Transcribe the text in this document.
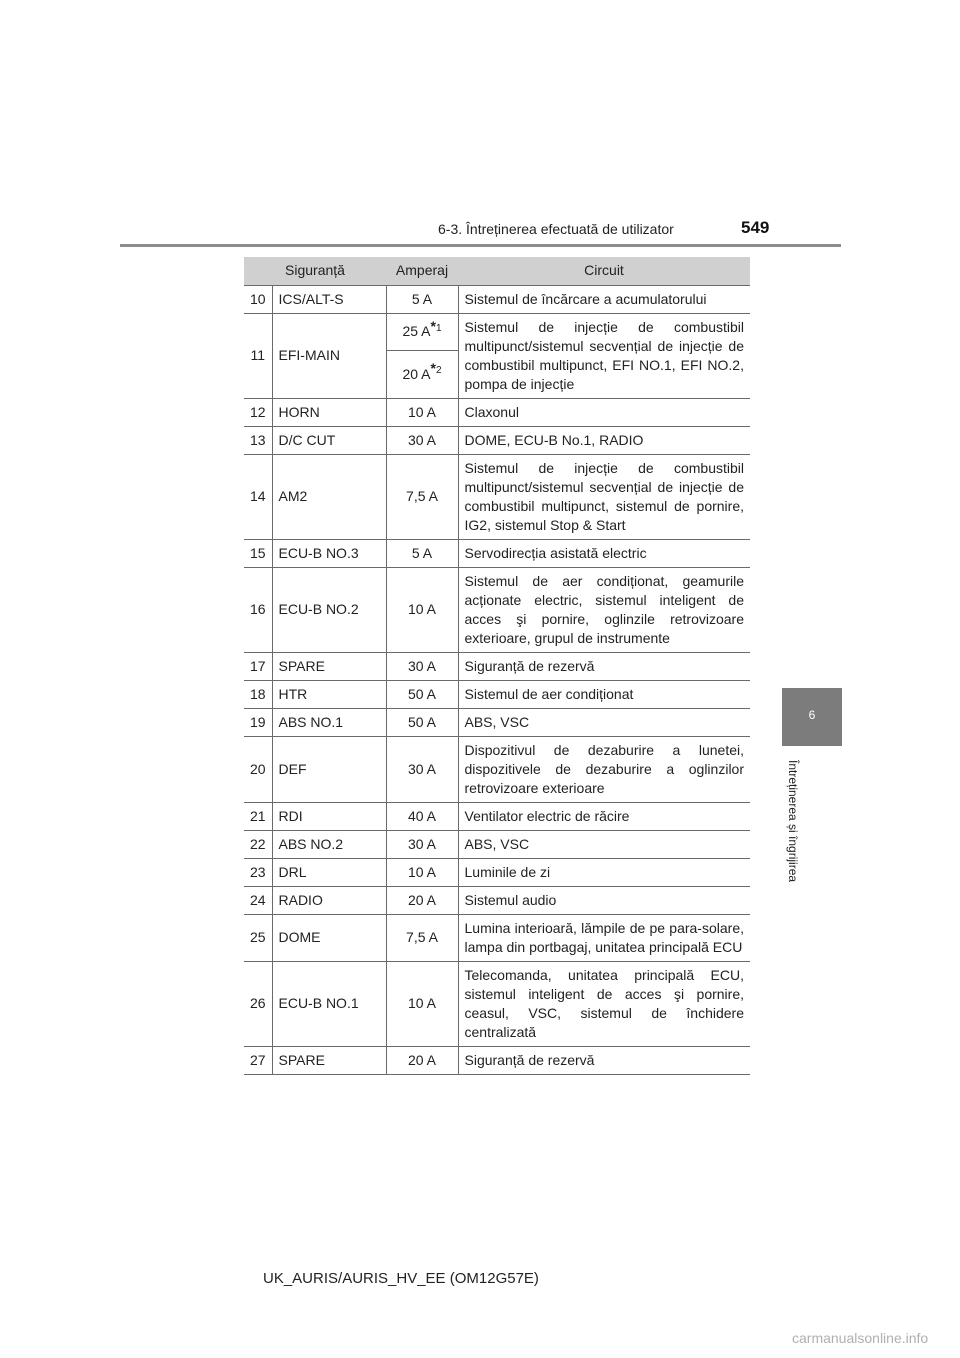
6-3. Întreținerea efectuată de utilizator	549
6
Întreținerea și îngrijirea
Siguranță		Amperaj	Circuit
10	ICS/ALT-S	5 A	Sistemul de încărcare a acumulatorului
11	EFI-MAIN	25 $A^{*1}$	Sistemul de injecție de combustibil multipunct/sistemul secvențial de injecție de combustibil multipunct, EFI NO.1, EFI NO.2, pompa de injecție
		20 $A^{*2}$
12	HORN	10 A	Claxonul
13	D/C CUT	30 A	DOME, ECU-B No.1, RADIO
14	AM2	7,5 A	Sistemul de injecție de combustibil multipunct/sistemul secvențial de injecție de combustibil multipunct, sistemul de pornire, IG2, sistemul Stop & Start
15	ECU-B NO.3	5 A	Servodirecția asistată electric
16	ECU-B NO.2	10 A	Sistemul de aer condiționat, geamurile acționate electric, sistemul inteligent de acces şi pornire, oglinzile retrovizoare exterioare, grupul de instrumente
17	SPARE	30 A	Siguranță de rezervă
18	HTR	50 A	Sistemul de aer condiționat
19	ABS NO.1	50 A	ABS, VSC
20	DEF	30 A	Dispozitivul de dezaburire a lunetei, dispozitivele de dezaburire a oglinzilor retrovizoare exterioare
21	RDI	40 A	Ventilator electric de răcire
22	ABS NO.2	30 A	ABS, VSC
23	DRL	10 A	Luminile de zi
24	RADIO	20 A	Sistemul audio
25	DOME	7,5 A	Lumina interioară, lămpile de pe para-solare, lampa din portbagaj, unitatea principală ECU
26	ECU-B NO.1	10 A	Telecomanda, unitatea principală ECU, sistemul inteligent de acces şi pornire, ceasul, VSC, sistemul de închidere centralizată
27	SPARE	20 A	Siguranță de rezervă
UK_AURIS/AURIS_HV_EE (OM12G57E)
carmanualsonline.info
